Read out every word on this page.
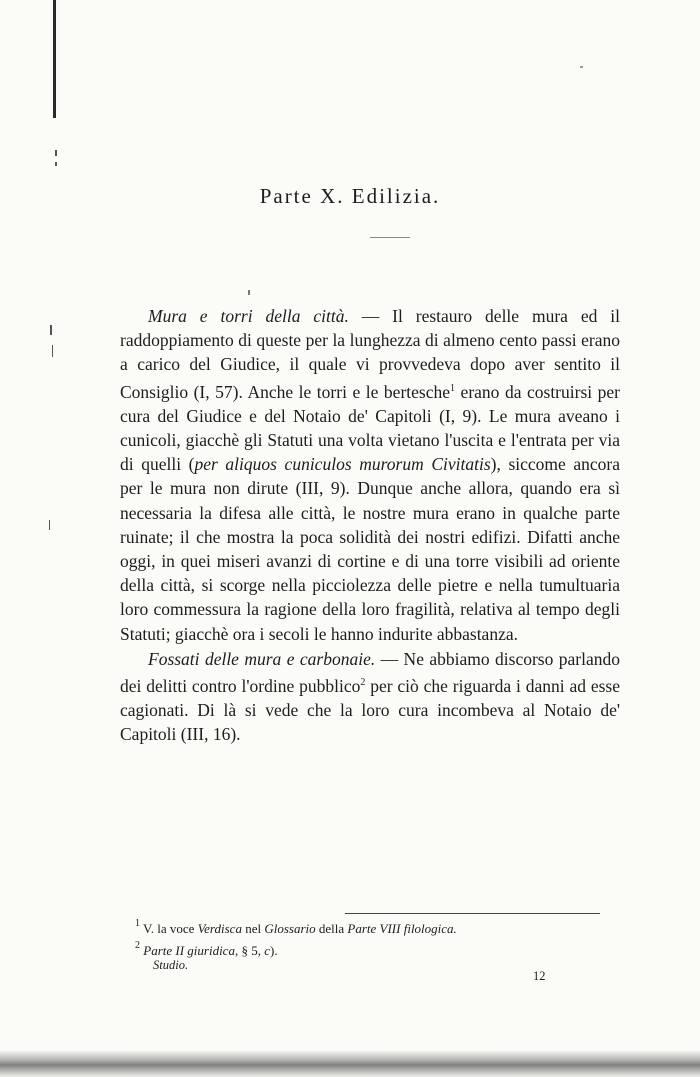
Parte X. Edilizia.

Mura e torri della città. — Il restauro delle mura ed il raddoppiamento di queste per la lunghezza di almeno cento passi erano a carico del Giudice, il quale vi provvedeva dopo aver sentito il Consiglio (I, 57). Anche le torri e le bertesche$^1$ erano da costruirsi per cura del Giudice e del Notaio de' Capitoli (I, 9). Le mura aveano i cunicoli, giacchè gli Statuti una volta vietano l'uscita e l'entrata per via di quelli (per aliquos cuniculos murorum Civitatis), siccome ancora per le mura non dirute (III, 9). Dunque anche allora, quando era sì necessaria la difesa alle città, le nostre mura erano in qualche parte ruinate; il che mostra la poca solidità dei nostri edifizi. Difatti anche oggi, in quei miseri avanzi di cortine e di una torre visibili ad oriente della città, si scorge nella picciolezza delle pietre e nella tumultuaria loro commessura la ragione della loro fragilità, relativa al tempo degli Statuti; giacchè ora i secoli le hanno indurite abbastanza.

Fossati delle mura e carbonaie. — Ne abbiamo discorso parlando dei delitti contro l'ordine pubblico$^2$ per ciò che riguarda i danni ad esse cagionati. Di là si vede che la loro cura incombeva al Notaio de' Capitoli (III, 16).

$^1$ V. la voce Verdisca nel Glossario della Parte VIII filologica.
$^2$ Parte II giuridica, § 5, c).
Studio.
12
